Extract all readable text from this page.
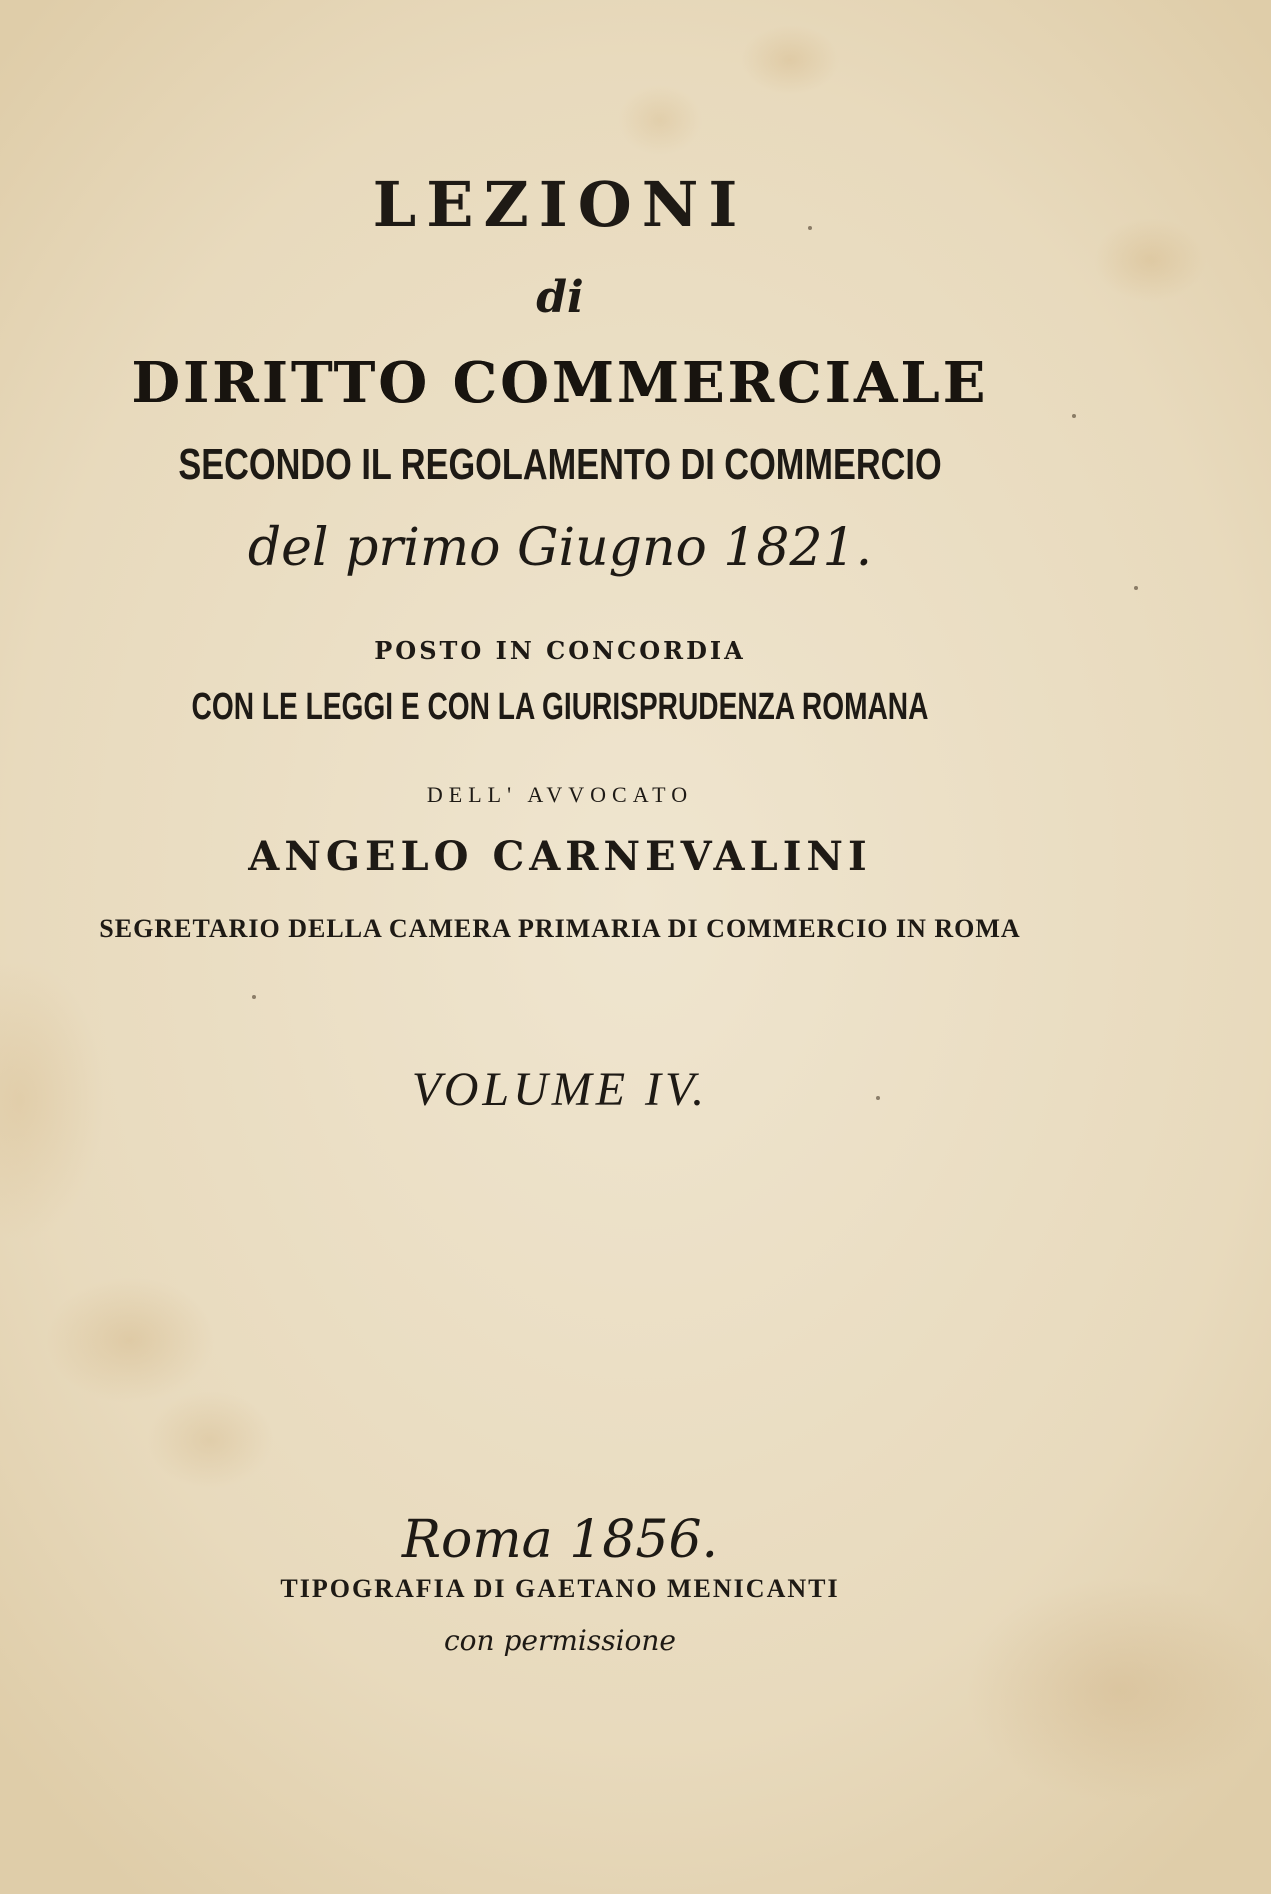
LEZIONI
di
DIRITTO COMMERCIALE
SECONDO IL REGOLAMENTO DI COMMERCIO
del primo Giugno 1821.
POSTO IN CONCORDIA
CON LE LEGGI E CON LA GIURISPRUDENZA ROMANA
DELL' AVVOCATO
ANGELO CARNEVALINI
SEGRETARIO DELLA CAMERA PRIMARIA DI COMMERCIO IN ROMA
VOLUME IV.
Roma 1856.
TIPOGRAFIA DI GAETANO MENICANTI
con permissione
